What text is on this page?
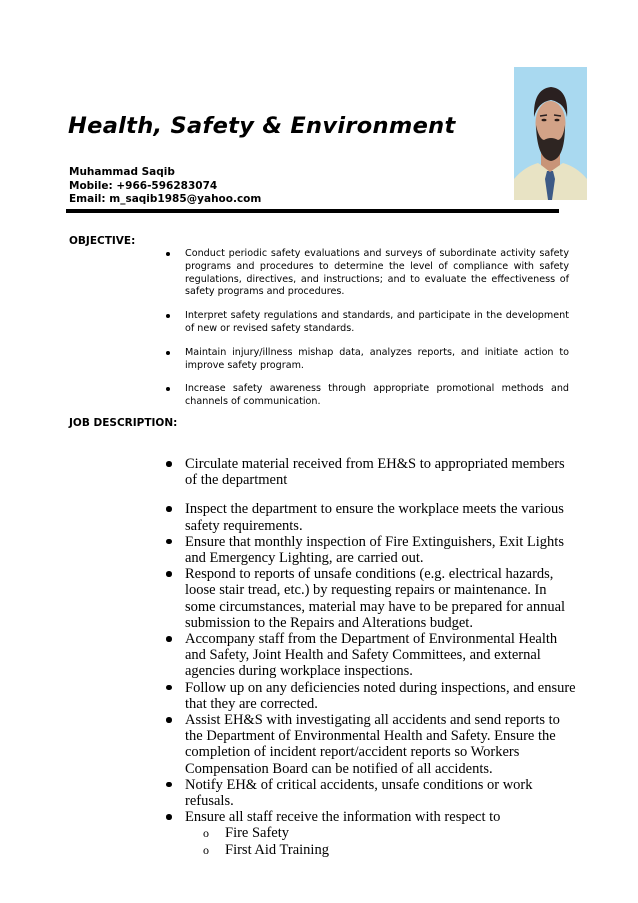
Health, Safety & Environment
Muhammad Saqib
Mobile: +966-596283074
Email: m_saqib1985@yahoo.com
OBJECTIVE:
Conduct periodic safety evaluations and surveys of subordinate activity safety programs and procedures to determine the level of compliance with safety regulations, directives, and instructions; and to evaluate the effectiveness of safety programs and procedures.
Interpret safety regulations and standards, and participate in the development of new or revised safety standards.
Maintain injury/illness mishap data, analyzes reports, and initiate action to improve safety program.
Increase safety awareness through appropriate promotional methods and channels of communication.
JOB DESCRIPTION:
Circulate material received from EH&S to appropriated members of the department
Inspect the department to ensure the workplace meets the various safety requirements.
Ensure that monthly inspection of Fire Extinguishers, Exit Lights and Emergency Lighting, are carried out.
Respond to reports of unsafe conditions (e.g. electrical hazards, loose stair tread, etc.) by requesting repairs or maintenance. In some circumstances, material may have to be prepared for annual submission to the Repairs and Alterations budget.
Accompany staff from the Department of Environmental Health and Safety, Joint Health and Safety Committees, and external agencies during workplace inspections.
Follow up on any deficiencies noted during inspections, and ensure that they are corrected.
Assist EH&S with investigating all accidents and send reports to the Department of Environmental Health and Safety. Ensure the completion of incident report/accident reports so Workers Compensation Board can be notified of all accidents.
Notify EH& of critical accidents, unsafe conditions or work refusals.
Ensure all staff receive the information with respect to
o Fire Safety
o First Aid Training
